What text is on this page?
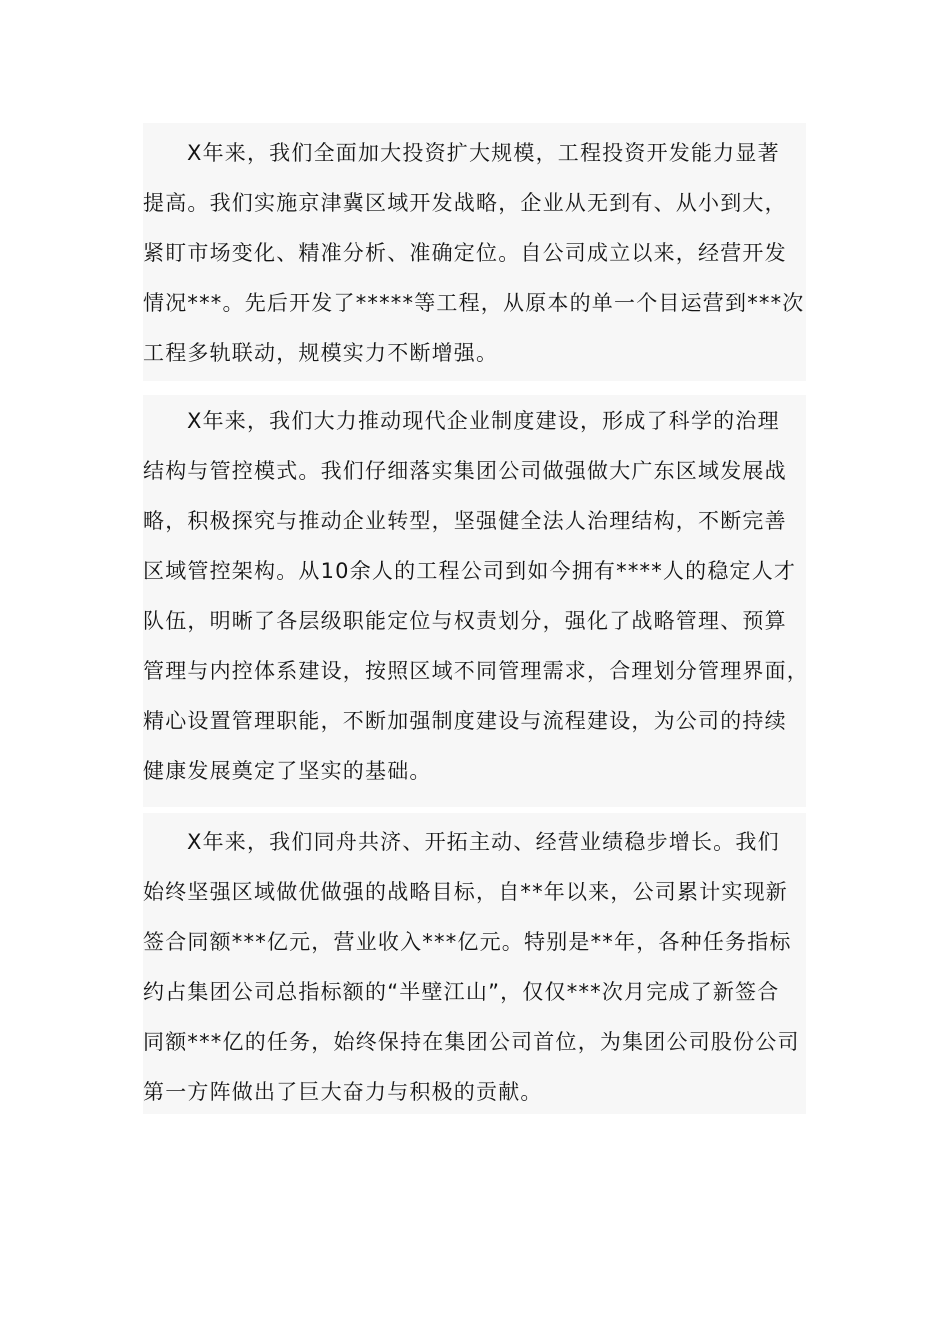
X年来，我们全面加大投资扩大规模，工程投资开发能力显著
提高。我们实施京津冀区域开发战略，企业从无到有、从小到大，
紧盯市场变化、精准分析、准确定位。自公司成立以来，经营开发
情况***。先后开发了*****等工程，从原本的单一个目运营到***次
工程多轨联动，规模实力不断增强。
X年来，我们大力推动现代企业制度建设，形成了科学的治理
结构与管控模式。我们仔细落实集团公司做强做大广东区域发展战
略，积极探究与推动企业转型，坚强健全法人治理结构，不断完善
区域管控架构。从10余人的工程公司到如今拥有****人的稳定人才
队伍，明晰了各层级职能定位与权责划分，强化了战略管理、预算
管理与内控体系建设，按照区域不同管理需求，合理划分管理界面，
精心设置管理职能，不断加强制度建设与流程建设，为公司的持续
健康发展奠定了坚实的基础。
X年来，我们同舟共济、开拓主动、经营业绩稳步增长。我们
始终坚强区域做优做强的战略目标，自**年以来，公司累计实现新
签合同额***亿元，营业收入***亿元。特别是**年，各种任务指标
约占集团公司总指标额的“半壁江山”，仅仅***次月完成了新签合
同额***亿的任务，始终保持在集团公司首位，为集团公司股份公司
第一方阵做出了巨大奋力与积极的贡献。
